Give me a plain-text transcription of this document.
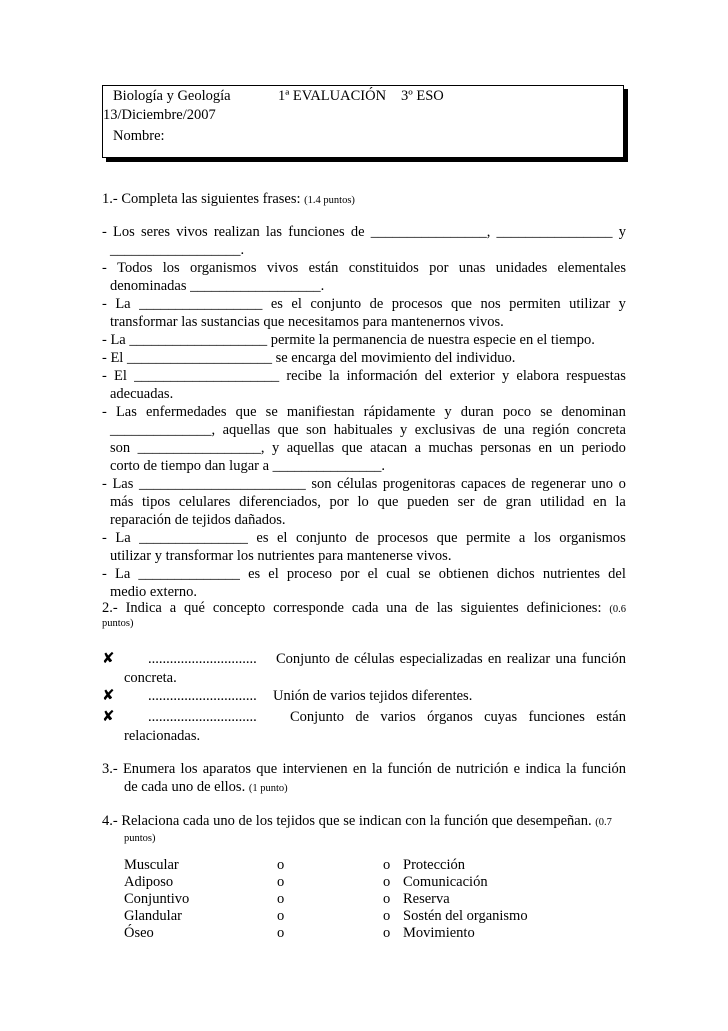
Biología y Geología	1ª EVALUACIÓN 3º ESO
13/Diciembre/2007
Nombre:
1.- Completa las siguientes frases: (1.4 puntos)
- Los seres vivos realizan las funciones de ________________, ________________ y
__________________.
- Todos los organismos vivos están constituidos por unas unidades elementales
denominadas __________________.
- La _________________ es el conjunto de procesos que nos permiten utilizar y
transformar las sustancias que necesitamos para mantenernos vivos.
- La ___________________ permite la permanencia de nuestra especie en el tiempo.
- El ____________________ se encarga del movimiento del individuo.
- El ____________________ recibe la información del exterior y elabora respuestas
adecuadas.
- Las enfermedades que se manifiestan rápidamente y duran poco se denominan
______________, aquellas que son habituales y exclusivas de una región concreta
son _________________, y aquellas que atacan a muchas personas en un periodo
corto de tiempo dan lugar a _______________.
- Las _______________________ son células progenitoras capaces de regenerar uno o
más tipos celulares diferenciados, por lo que pueden ser de gran utilidad en la
reparación de tejidos dañados.
- La _______________ es el conjunto de procesos que permite a los organismos
utilizar y transformar los nutrientes para mantenerse vivos.
- La ______________ es el proceso por el cual se obtienen dichos nutrientes del
medio externo.
2.- Indica a qué concepto corresponde cada una de las siguientes definiciones: (0.6
puntos)
✘ .............................. Conjunto de células especializadas en realizar una función
concreta.
✘ .............................. Unión de varios tejidos diferentes.
✘ .............................. Conjunto de varios órganos cuyas funciones están
relacionadas.
3.- Enumera los aparatos que intervienen en la función de nutrición e indica la función
de cada uno de ellos. (1 punto)
4.- Relaciona cada uno de los tejidos que se indican con la función que desempeñan. (0.7
puntos)
Muscular
Adiposo
Conjuntivo
Glandular
Óseo
o
o
o
o
o
o
o
o
o
o
Protección
Comunicación
Reserva
Sostén del organismo
Movimiento
